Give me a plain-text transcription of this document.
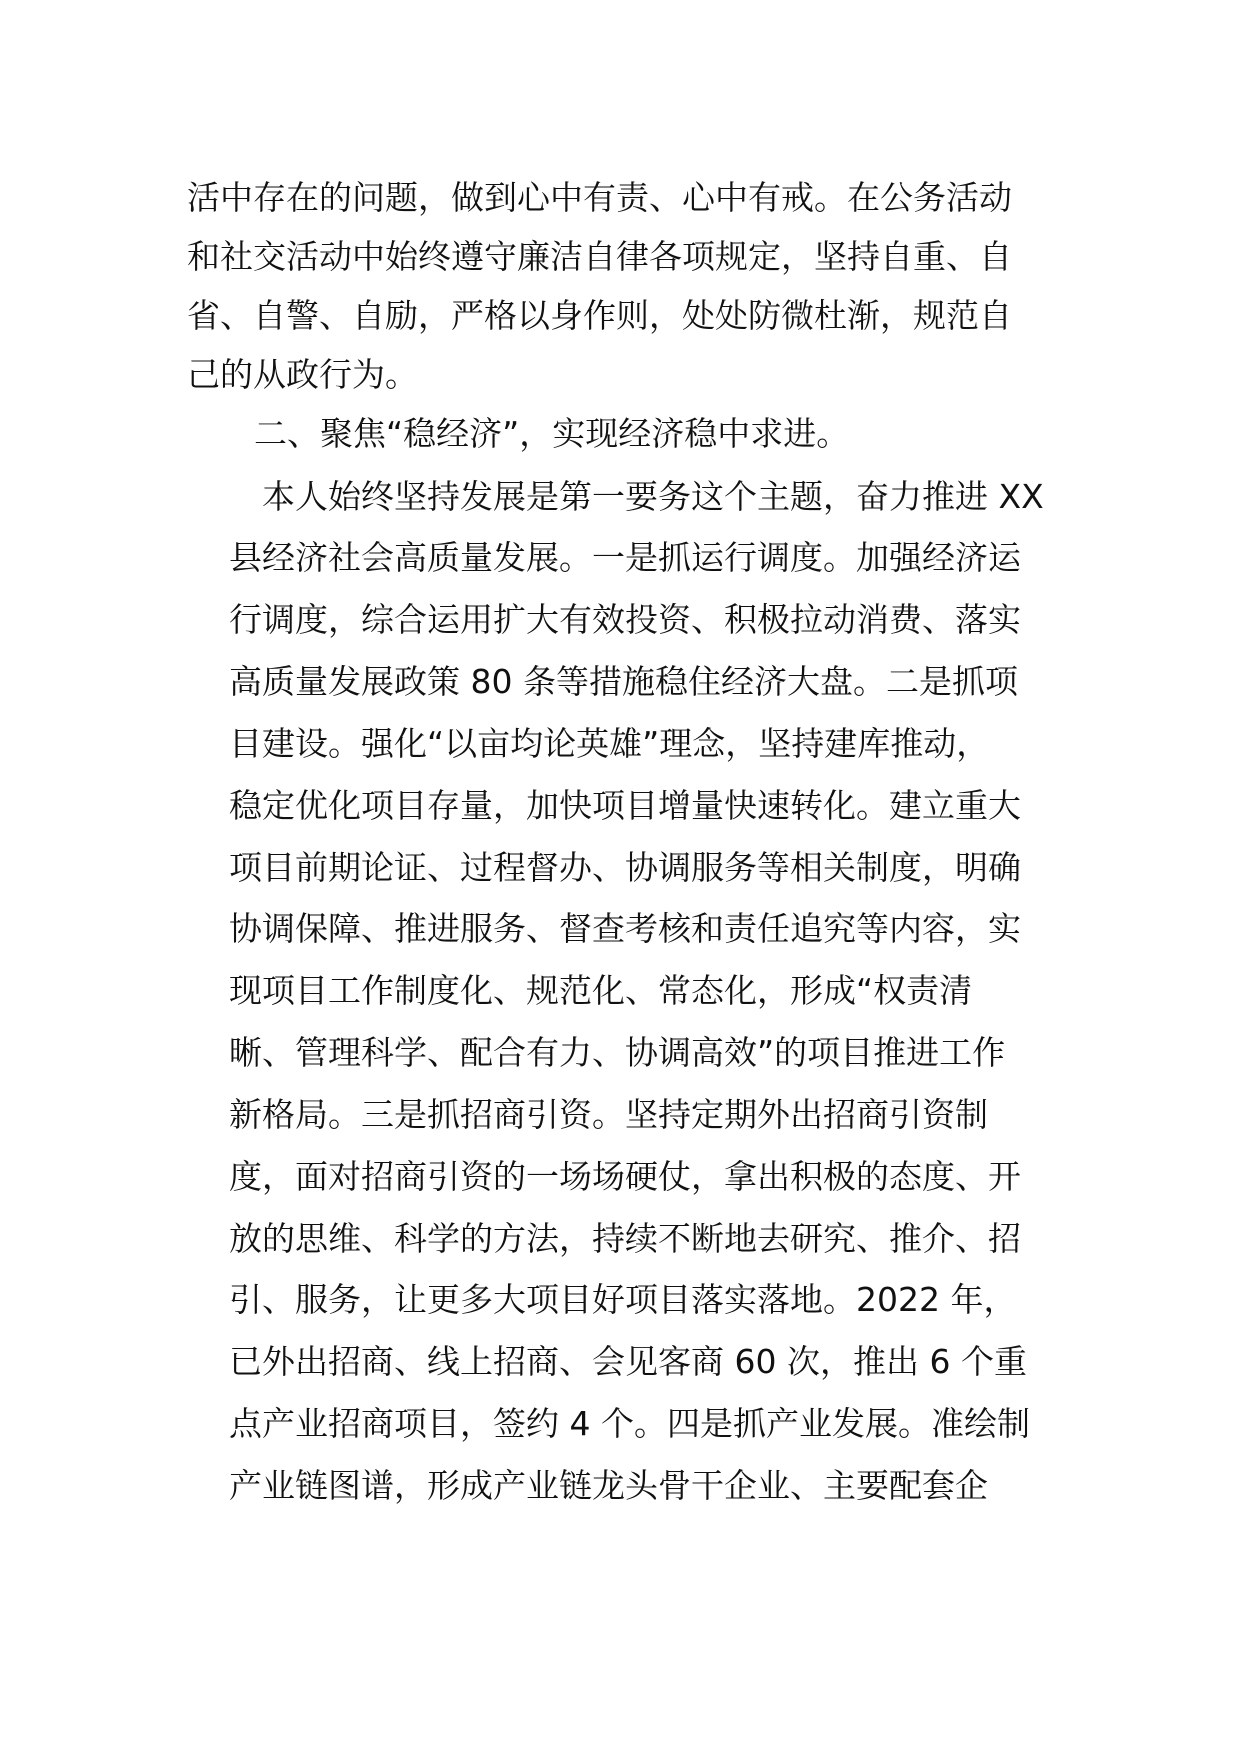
活中存在的问题，做到心中有责、心中有戒。在公务活动
和社交活动中始终遵守廉洁自律各项规定，坚持自重、自
省、自警、自励，严格以身作则，处处防微杜渐，规范自
己的从政行为。
二、聚焦“稳经济”，实现经济稳中求进。
本人始终坚持发展是第一要务这个主题，奋力推进 XX
县经济社会高质量发展。一是抓运行调度。加强经济运
行调度，综合运用扩大有效投资、积极拉动消费、落实
高质量发展政策 80 条等措施稳住经济大盘。二是抓项
目建设。强化“以亩均论英雄”理念，坚持建库推动，
稳定优化项目存量，加快项目增量快速转化。建立重大
项目前期论证、过程督办、协调服务等相关制度，明确
协调保障、推进服务、督查考核和责任追究等内容，实
现项目工作制度化、规范化、常态化，形成“权责清
晰、管理科学、配合有力、协调高效”的项目推进工作
新格局。三是抓招商引资。坚持定期外出招商引资制
度，面对招商引资的一场场硬仗，拿出积极的态度、开
放的思维、科学的方法，持续不断地去研究、推介、招
引、服务，让更多大项目好项目落实落地。2022 年，
已外出招商、线上招商、会见客商 60 次，推出 6 个重
点产业招商项目，签约 4 个。四是抓产业发展。准绘制
产业链图谱，形成产业链龙头骨干企业、主要配套企
